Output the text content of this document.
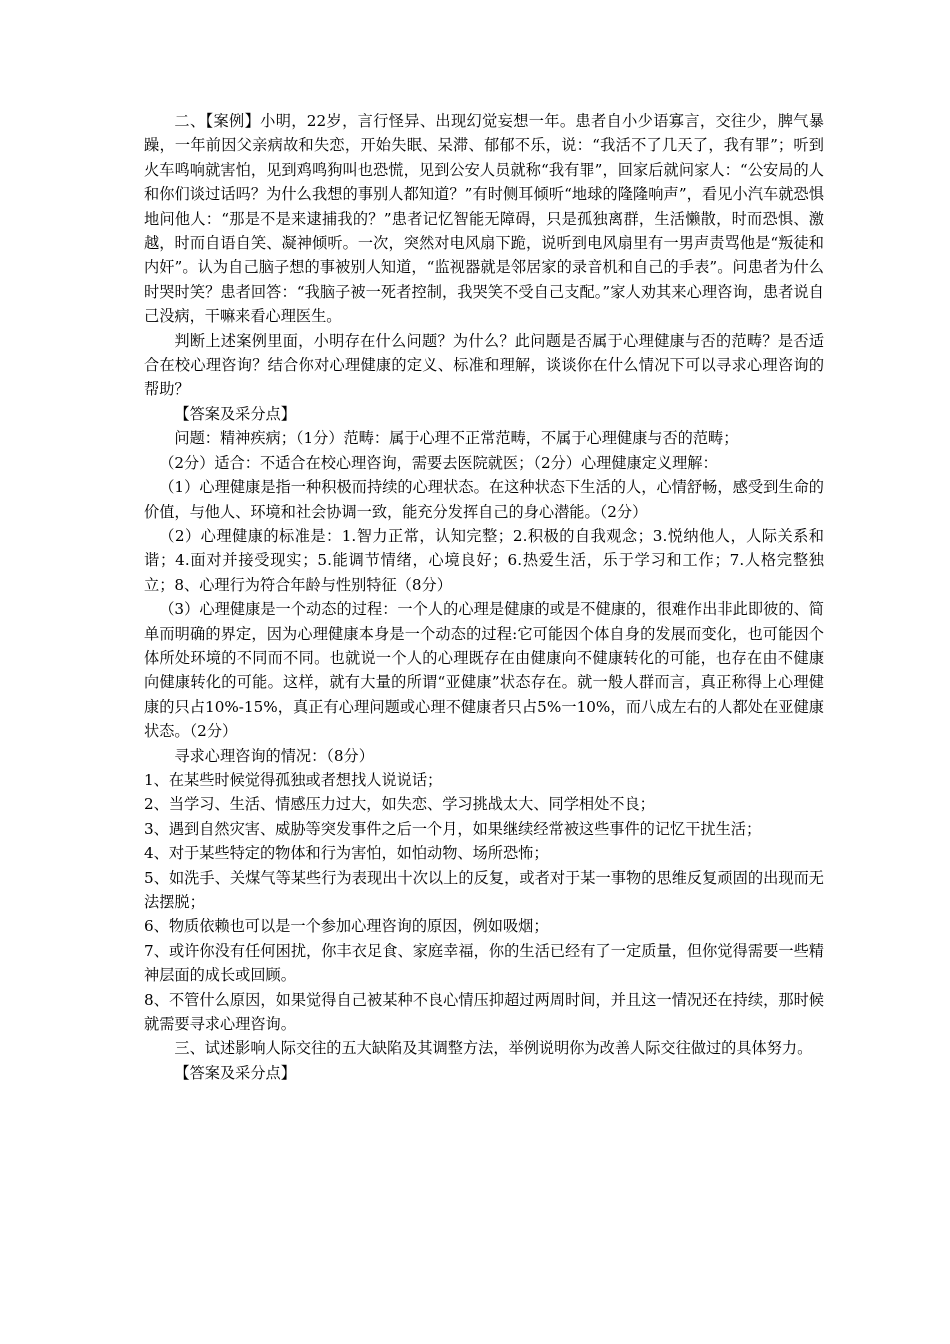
二、【案例】小明，22岁，言行怪异、出现幻觉妄想一年。患者自小少语寡言，交往少，脾气暴躁，一年前因父亲病故和失恋，开始失眠、呆滞、郁郁不乐，说：“我活不了几天了，我有罪”；听到火车鸣响就害怕，见到鸡鸣狗叫也恐慌，见到公安人员就称“我有罪”，回家后就问家人：“公安局的人和你们谈过话吗？为什么我想的事别人都知道？”有时侧耳倾听“地球的隆隆响声”，看见小汽车就恐惧地问他人：“那是不是来逮捕我的？”患者记忆智能无障碍，只是孤独离群，生活懒散，时而恐惧、激越，时而自语自笑、凝神倾听。一次，突然对电风扇下跪，说听到电风扇里有一男声责骂他是“叛徒和内奸”。认为自己脑子想的事被别人知道，“监视器就是邻居家的录音机和自己的手表”。问患者为什么时哭时笑？患者回答：“我脑子被一死者控制，我哭笑不受自己支配。”家人劝其来心理咨询，患者说自己没病，干嘛来看心理医生。

判断上述案例里面，小明存在什么问题？为什么？此问题是否属于心理健康与否的范畴？是否适合在校心理咨询？结合你对心理健康的定义、标准和理解，谈谈你在什么情况下可以寻求心理咨询的帮助？

【答案及采分点】

问题：精神疾病；（1分）范畴：属于心理不正常范畴，不属于心理健康与否的范畴；

（2分）适合：不适合在校心理咨询，需要去医院就医；（2分）心理健康定义理解：

（1）心理健康是指一种积极而持续的心理状态。在这种状态下生活的人，心情舒畅，感受到生命的价值，与他人、环境和社会协调一致，能充分发挥自己的身心潜能。（2分）

（2）心理健康的标准是：1.智力正常，认知完整；2.积极的自我观念；3.悦纳他人，人际关系和谐；4.面对并接受现实；5.能调节情绪，心境良好；6.热爱生活，乐于学习和工作；7.人格完整独立；8、心理行为符合年龄与性别特征（8分）

（3）心理健康是一个动态的过程：一个人的心理是健康的或是不健康的，很难作出非此即彼的、简单而明确的界定，因为心理健康本身是一个动态的过程:它可能因个体自身的发展而变化，也可能因个体所处环境的不同而不同。也就说一个人的心理既存在由健康向不健康转化的可能，也存在由不健康向健康转化的可能。这样，就有大量的所谓“亚健康”状态存在。就一般人群而言，真正称得上心理健康的只占10%-15%，真正有心理问题或心理不健康者只占5%一10%，而八成左右的人都处在亚健康状态。（2分）

寻求心理咨询的情况：（8分）

1、在某些时候觉得孤独或者想找人说说话；

2、当学习、生活、情感压力过大，如失恋、学习挑战太大、同学相处不良；

3、遇到自然灾害、威胁等突发事件之后一个月，如果继续经常被这些事件的记忆干扰生活；

4、对于某些特定的物体和行为害怕，如怕动物、场所恐怖；

5、如洗手、关煤气等某些行为表现出十次以上的反复，或者对于某一事物的思维反复顽固的出现而无法摆脱；

6、物质依赖也可以是一个参加心理咨询的原因，例如吸烟；

7、或许你没有任何困扰，你丰衣足食、家庭幸福，你的生活已经有了一定质量，但你觉得需要一些精神层面的成长或回顾。

8、不管什么原因，如果觉得自己被某种不良心情压抑超过两周时间，并且这一情况还在持续，那时候就需要寻求心理咨询。

三、试述影响人际交往的五大缺陷及其调整方法，举例说明你为改善人际交往做过的具体努力。

【答案及采分点】
